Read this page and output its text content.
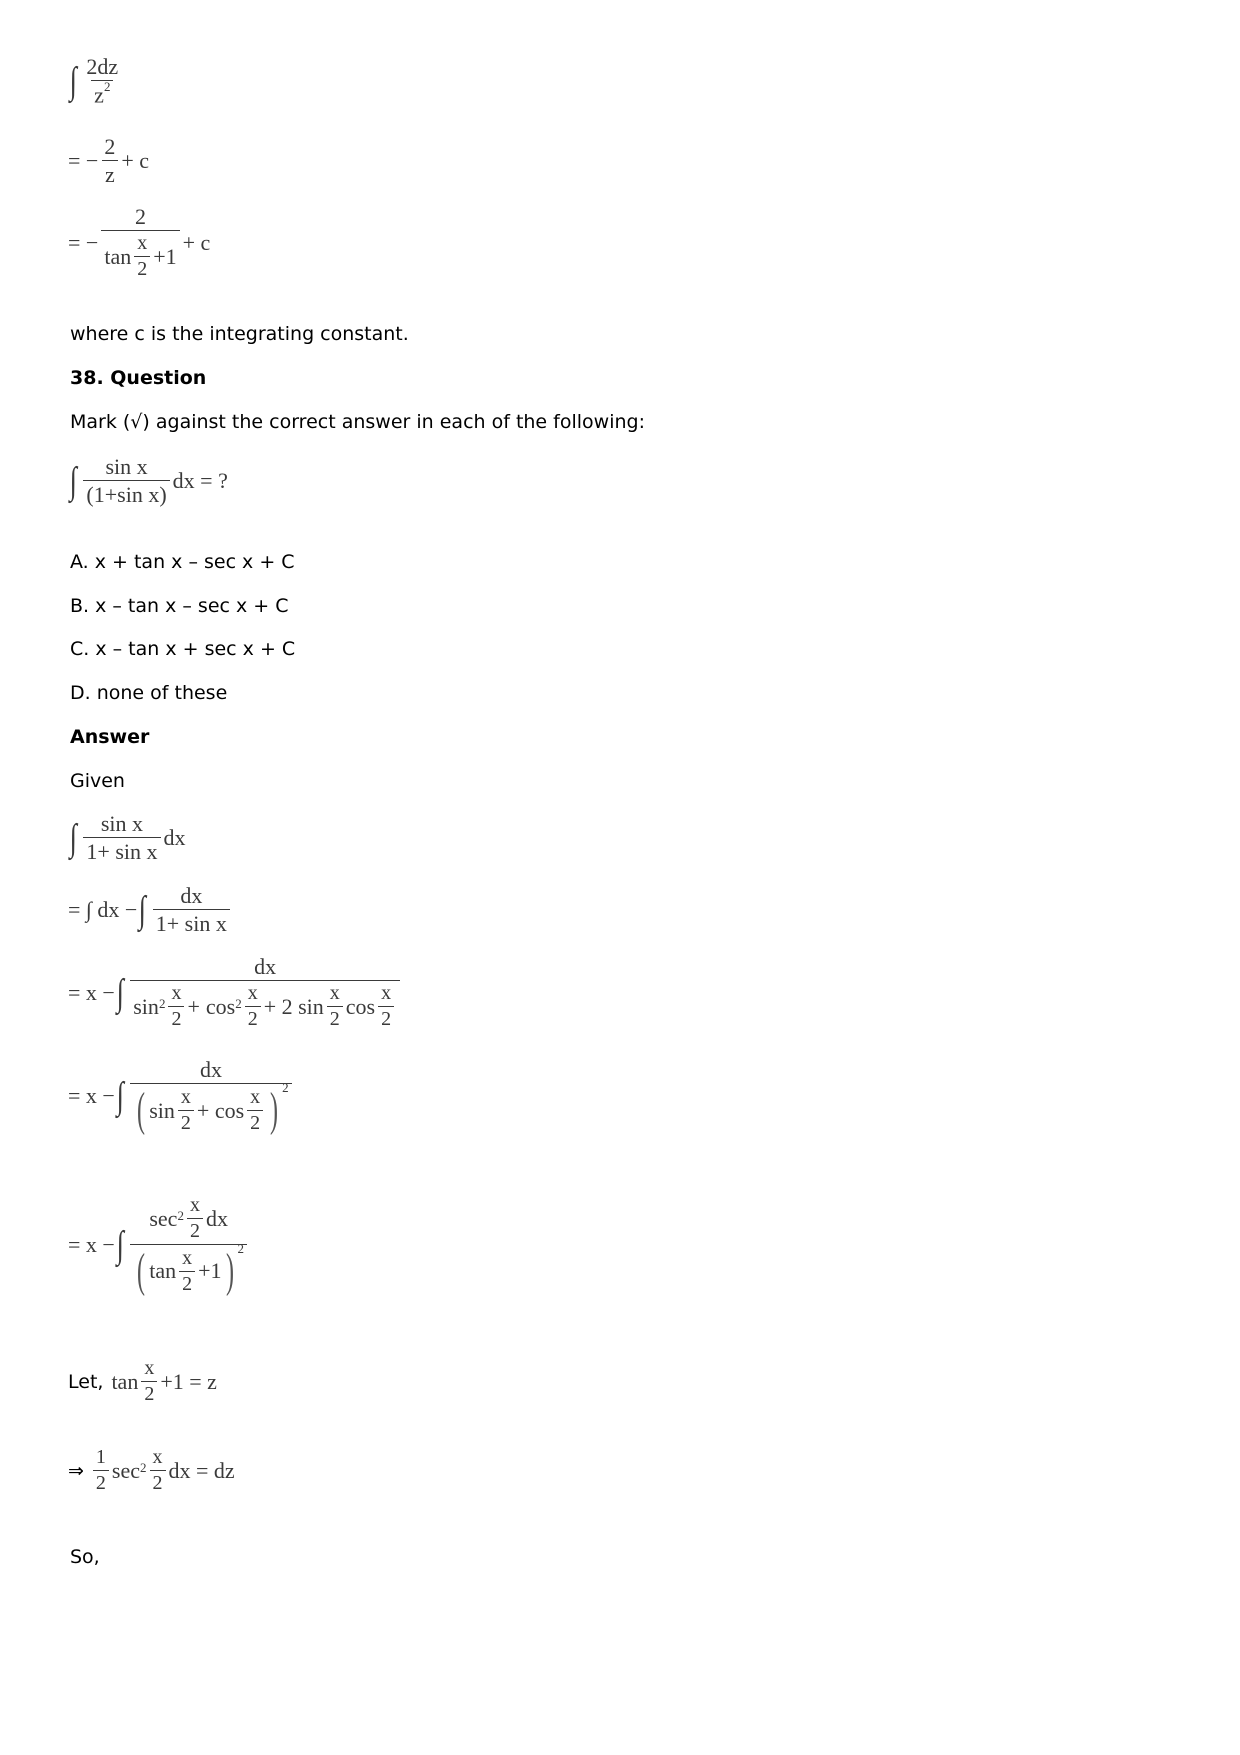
∫ $\frac{2dz}{z^2}$
= − $\frac{2}{z} + c$
= − $\frac{2}{\tan \frac{x}{2} +1} + c$
where c is the integrating constant.
38. Question
Mark (√) against the correct answer in each of the following:
∫ $\frac{\text{sin x}}{\text{(1+sin x)}}$ dx = ?
A. x + tan x – sec x + C
B. x – tan x – sec x + C
C. x – tan x + sec x + C
D. none of these
Answer
Given
∫ $\frac{\text{sin x}}{\text{1+ sin x}}$ dx
= ∫ dx − ∫ $\frac{dx}{\text{1+ sin x}}$
= x − ∫
dx
$\sin 2 \frac{x}{2} + \cos 2 \frac{x}{2} + 2$ $\sin \frac{x}{2}$ $\cos \frac{x}{2}$
= x − ∫ $\frac{dx}{( \sin \frac{x}{2} + \cos \frac{x}{2} ) 2}$
= x − ∫ $\frac{\sec 2 \frac{x}{2} dx}{( \tan \frac{x}{2} +1 ) 2}$
Let, $\tan \frac{x}{2} +1 = z$
⇒ $\frac{1}{2}$ $\sec 2 \frac{x}{2}$ dx = dz
So,
